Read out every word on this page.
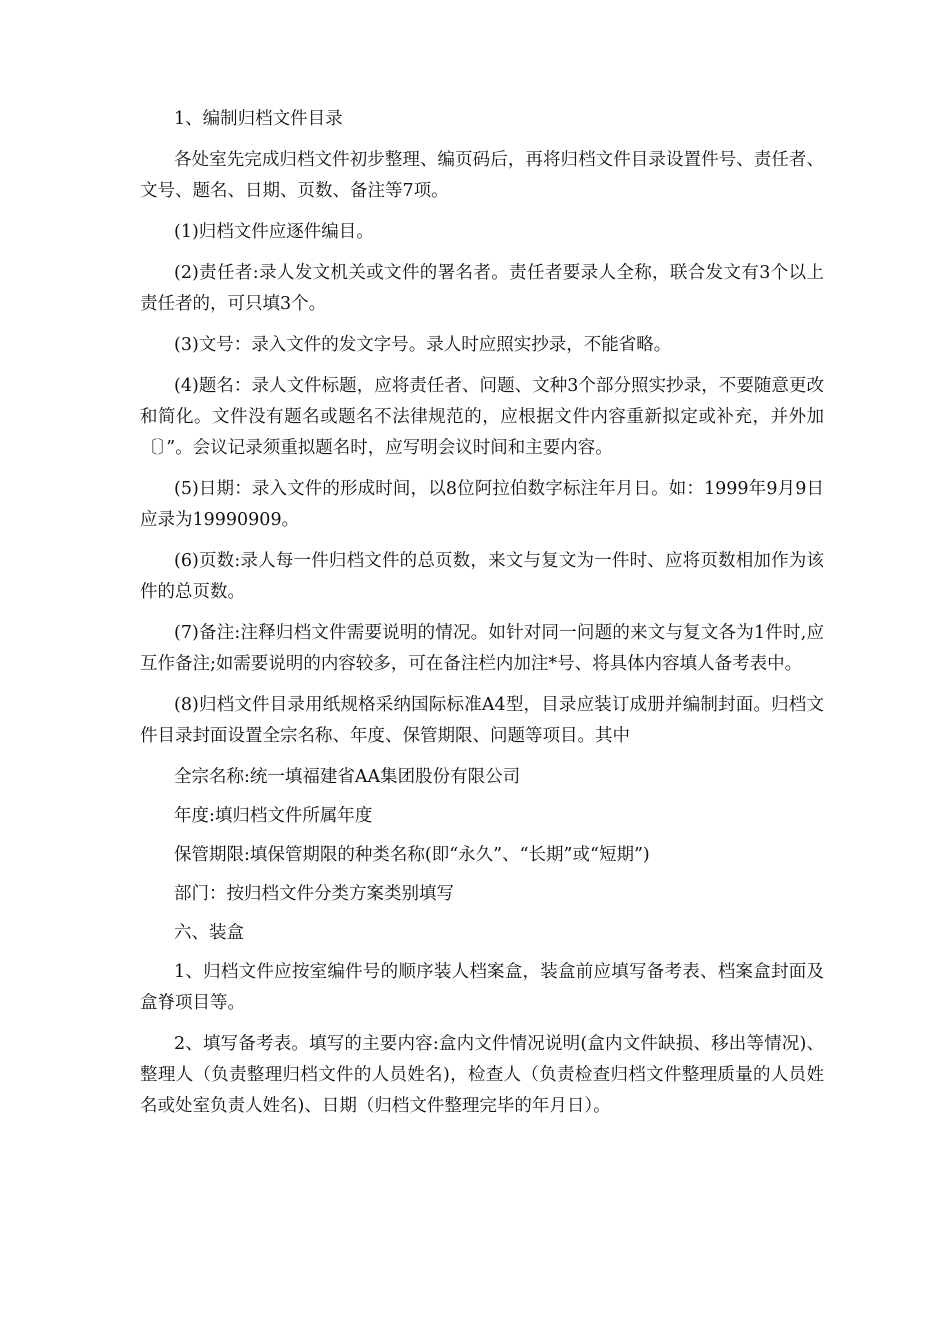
1、编制归档文件目录

各处室先完成归档文件初步整理、编页码后，再将归档文件目录设置件号、责任者、文号、题名、日期、页数、备注等7项。

(1)归档文件应逐件编目。

(2)责任者:录人发文机关或文件的署名者。责任者要录人全称，联合发文有3个以上责任者的，可只填3个。

(3)文号：录入文件的发文字号。录人时应照实抄录，不能省略。

(4)题名：录人文件标题，应将责任者、问题、文种3个部分照实抄录，不要随意更改和简化。文件没有题名或题名不法律规范的，应根据文件内容重新拟定或补充，并外加〔〕”。会议记录须重拟题名时，应写明会议时间和主要内容。

(5)日期：录入文件的形成时间，以8位阿拉伯数字标注年月日。如：1999年9月9日应录为19990909。

(6)页数:录人每一件归档文件的总页数，来文与复文为一件时、应将页数相加作为该件的总页数。

(7)备注:注释归档文件需要说明的情况。如针对同一问题的来文与复文各为1件时,应互作备注;如需要说明的内容较多，可在备注栏内加注*号、将具体内容填人备考表中。

(8)归档文件目录用纸规格采纳国际标准A4型，目录应装订成册并编制封面。归档文件目录封面设置全宗名称、年度、保管期限、问题等项目。其中

全宗名称:统一填福建省AA集团股份有限公司

年度:填归档文件所属年度

保管期限:填保管期限的种类名称(即“永久”、“长期”或“短期”)

部门：按归档文件分类方案类别填写

六、装盒

1、归档文件应按室编件号的顺序装人档案盒，装盒前应填写备考表、档案盒封面及盒脊项目等。

2、填写备考表。填写的主要内容:盒内文件情况说明(盒内文件缺损、移出等情况)、整理人（负责整理归档文件的人员姓名)，检查人（负责检查归档文件整理质量的人员姓名或处室负责人姓名)、日期（归档文件整理完毕的年月日）。
